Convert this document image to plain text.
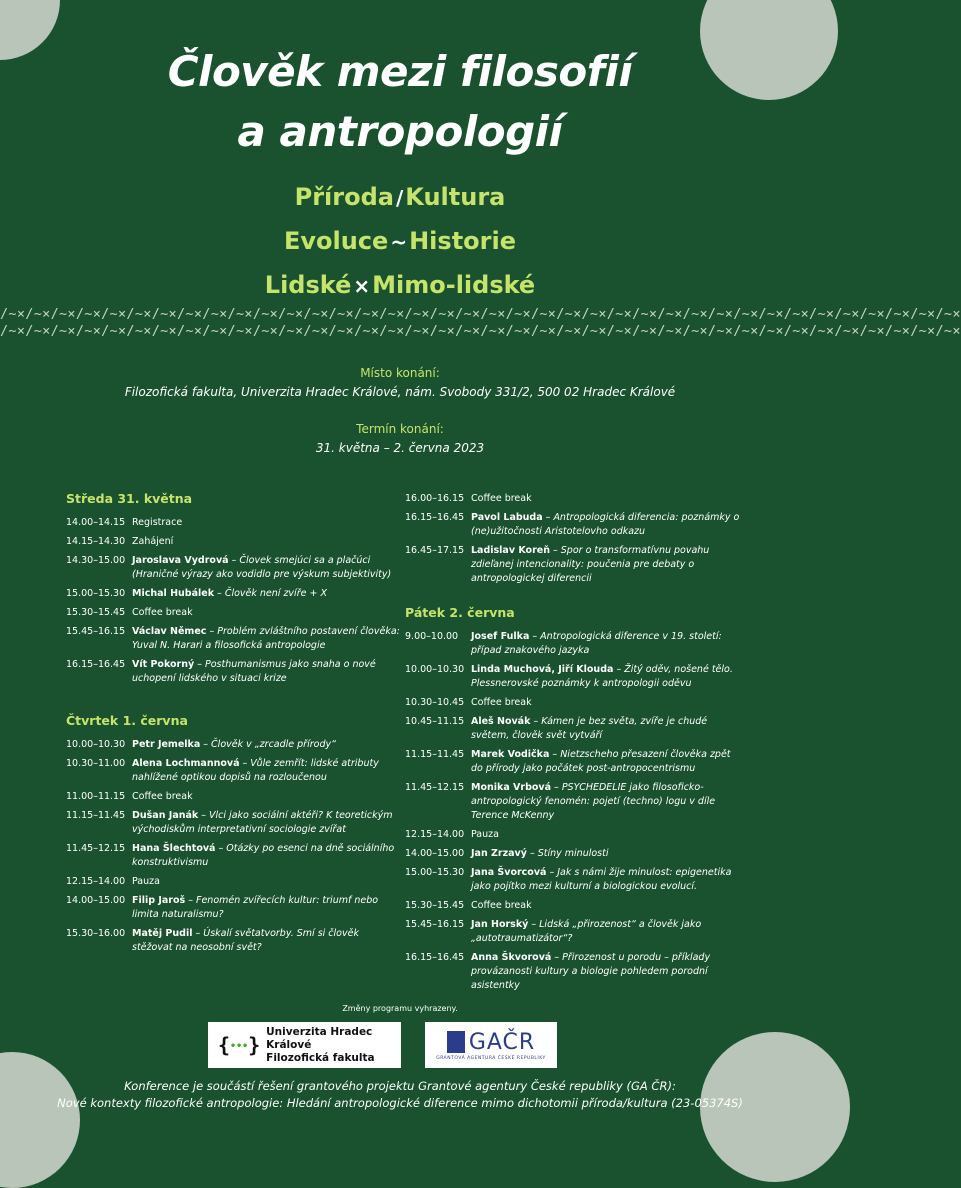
Člověk mezi filosofií
a antropologií
Příroda /Kultura
Evoluce ~Historie
Lidské ×Mimo-lidské
/~×/~×/~×/~×/~×/~×/~×/~×/~×/~×/~×/~×/~×/~×/~×/~×/~×/~×/~×/~×/~×/~×/~×/~×/~×/~×/~×/~×/~×/~×/~×/~×/~×/~×/~×/~×/~×/~×
/~×/~×/~×/~×/~×/~×/~×/~×/~×/~×/~×/~×/~×/~×/~×/~×/~×/~×/~×/~×/~×/~×/~×/~×/~×/~×/~×/~×/~×/~×/~×/~×/~×/~×/~×/~×/~×/~×
Místo konání:
Filozofická fakulta, Univerzita Hradec Králové, nám. Svobody 331/2, 500 02 Hradec Králové
Termín konání:
31. května – 2. června 2023
Středa 31. května
14.00–14.15 Registrace
14.15–14.30 Zahájení
14.30–15.00 Jaroslava Vydrová – Človek smejúci sa a plačúci (Hraničné výrazy ako vodidlo pre výskum subjektivity)
15.00–15.30 Michal Hubálek – Člověk není zvíře + X
15.30–15.45 Coffee break
15.45–16.15 Václav Němec – Problém zvláštního postavení člověka: Yuval N. Harari a filosofická antropologie
16.15–16.45 Vít Pokorný – Posthumanismus jako snaha o nové uchopení lidského v situaci krize
Čtvrtek 1. června
10.00–10.30 Petr Jemelka – Člověk v „zrcadle přírody“
10.30–11.00 Alena Lochmannová – Vůle zemřít: lidské atributy nahlížené optikou dopisů na rozloučenou
11.00–11.15 Coffee break
11.15–11.45 Dušan Janák – Vlci jako sociální aktéři? K teoretickým východiskům interpretativní sociologie zvířat
11.45–12.15 Hana Šlechtová – Otázky po esenci na dně sociálního konstruktivismu
12.15–14.00 Pauza
14.00–15.00 Filip Jaroš – Fenomén zvířecích kultur: triumf nebo limita naturalismu?
15.30–16.00 Matěj Pudil – Úskalí světatvorby. Smí si člověk stěžovat na neosobní svět?
16.00–16.15 Coffee break
16.15–16.45 Pavol Labuda – Antropologická diferencia: poznámky o (ne)užitočnosti Aristotelovho odkazu
16.45–17.15 Ladislav Koreň – Spor o transformatívnu povahu zdieľanej intencionality: poučenia pre debaty o antropologickej diferencii
Pátek 2. června
9.00–10.00	Josef Fulka – Antropologická diference v 19. století: případ znakového jazyka
10.00–10.30 Linda Muchová, Jiří Klouda – Žitý oděv, nošené tělo. Plessnerovské poznámky k antropologii oděvu
10.30–10.45 Coffee break
10.45–11.15 Aleš Novák – Kámen je bez světa, zvíře je chudé světem, člověk svět vytváří
11.15–11.45 Marek Vodička – Nietzscheho přesazení člověka zpět do přírody jako počátek post-antropocentrismu
11.45–12.15 Monika Vrbová – PSYCHEDELIE jako filosoficko-antropologický fenomén: pojetí (techno) logu v díle Terence McKenny
12.15–14.00 Pauza
14.00–15.00 Jan Zrzavý – Stíny minulosti
15.00–15.30 Jana Švorcová – Jak s námi žije minulost: epigenetika jako pojítko mezi kulturní a biologickou evolucí.
15.30–15.45 Coffee break
15.45–16.15 Jan Horský – Lidská „přirozenost“ a člověk jako „autotraumatizátor“?
16.15–16.45 Anna Škvorová – Přirozenost u porodu – příklady provázanosti kultury a biologie pohledem porodní asistentky
Změny programu vyhrazeny.
{•••}
Univerzita Hradec Králové
Filozofická fakulta
GAČR
GRANTOVÁ AGENTURA ČESKÉ REPUBLIKY
Konference je součástí řešení grantového projektu Grantové agentury České republiky (GA ČR):
Nové kontexty filozofické antropologie: Hledání antropologické diference mimo dichotomii příroda/kultura (23-05374S)
